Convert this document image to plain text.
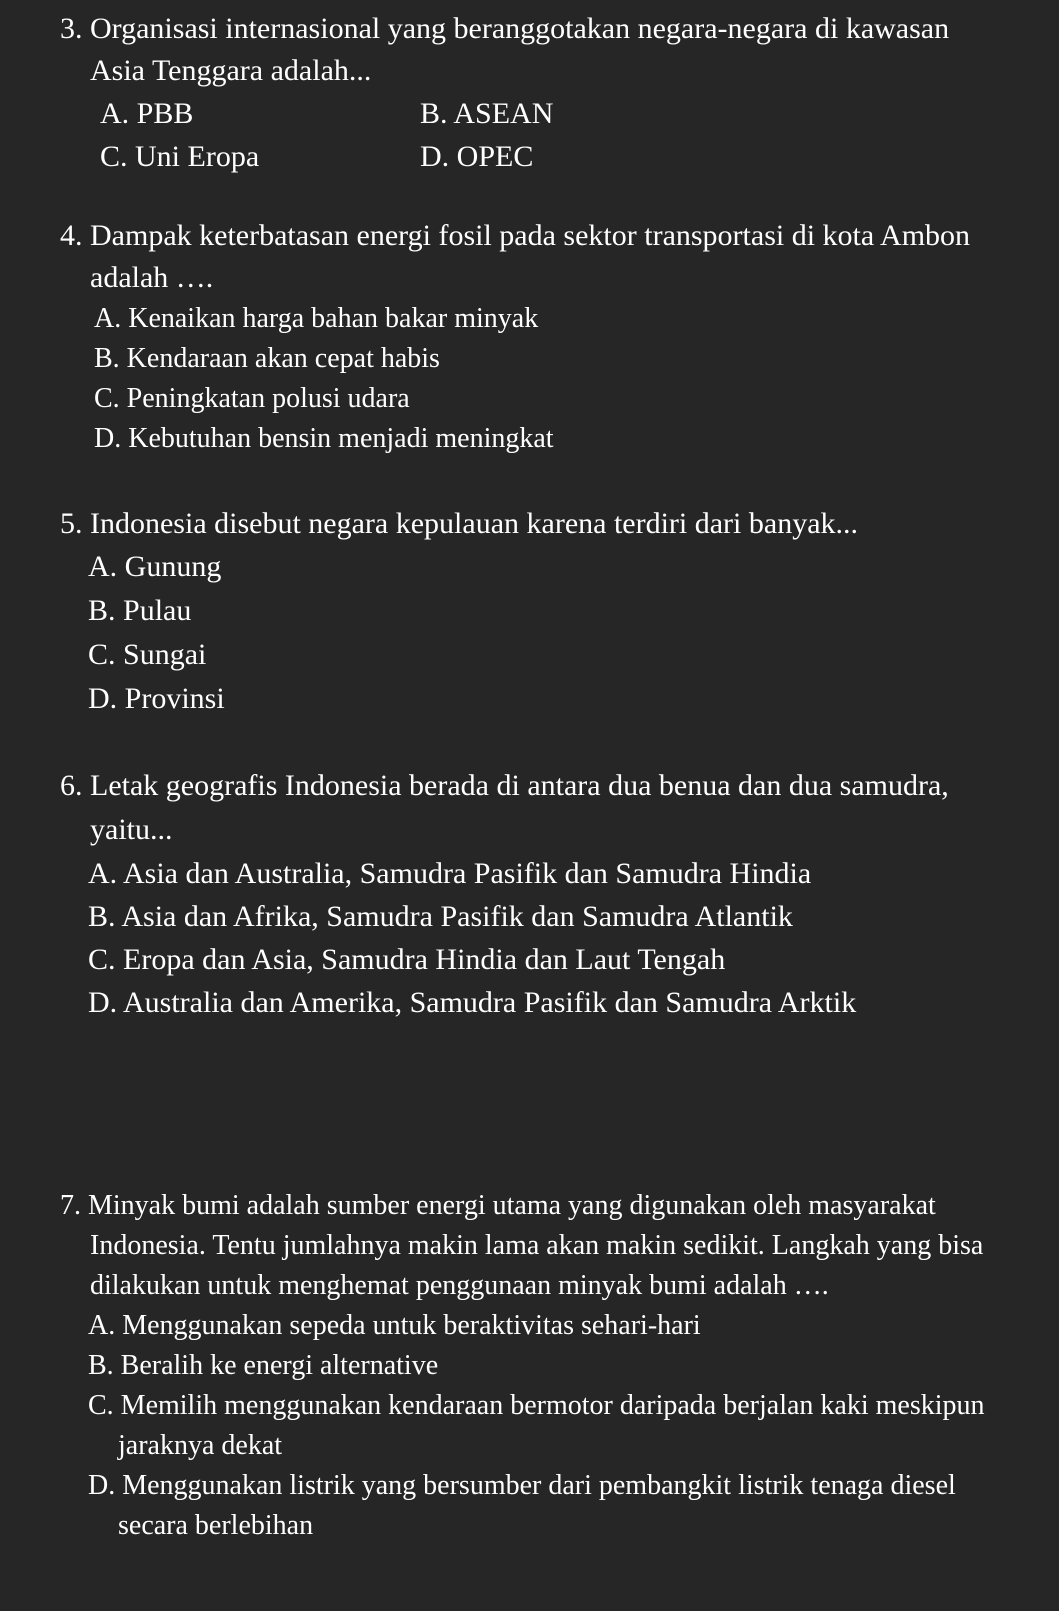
3. Organisasi internasional yang beranggotakan negara-negara di kawasan Asia Tenggara adalah...

A. PBB	B. ASEAN
C. Uni Eropa	D. OPEC

4. Dampak keterbatasan energi fosil pada sektor transportasi di kota Ambon adalah ….

A. Kenaikan harga bahan bakar minyak

B. Kendaraan akan cepat habis

C. Peningkatan polusi udara

D. Kebutuhan bensin menjadi meningkat

5. Indonesia disebut negara kepulauan karena terdiri dari banyak...

A. Gunung

B. Pulau

C. Sungai

D. Provinsi

6. Letak geografis Indonesia berada di antara dua benua dan dua samudra, yaitu...

A. Asia dan Australia, Samudra Pasifik dan Samudra Hindia

B. Asia dan Afrika, Samudra Pasifik dan Samudra Atlantik

C. Eropa dan Asia, Samudra Hindia dan Laut Tengah

D. Australia dan Amerika, Samudra Pasifik dan Samudra Arktik

7. Minyak bumi adalah sumber energi utama yang digunakan oleh masyarakat Indonesia. Tentu jumlahnya makin lama akan makin sedikit. Langkah yang bisa dilakukan untuk menghemat penggunaan minyak bumi adalah ….

A. Menggunakan sepeda untuk beraktivitas sehari-hari

B. Beralih ke energi alternative

C. Memilih menggunakan kendaraan bermotor daripada berjalan kaki meskipun jaraknya dekat

D. Menggunakan listrik yang bersumber dari pembangkit listrik tenaga diesel secara berlebihan
